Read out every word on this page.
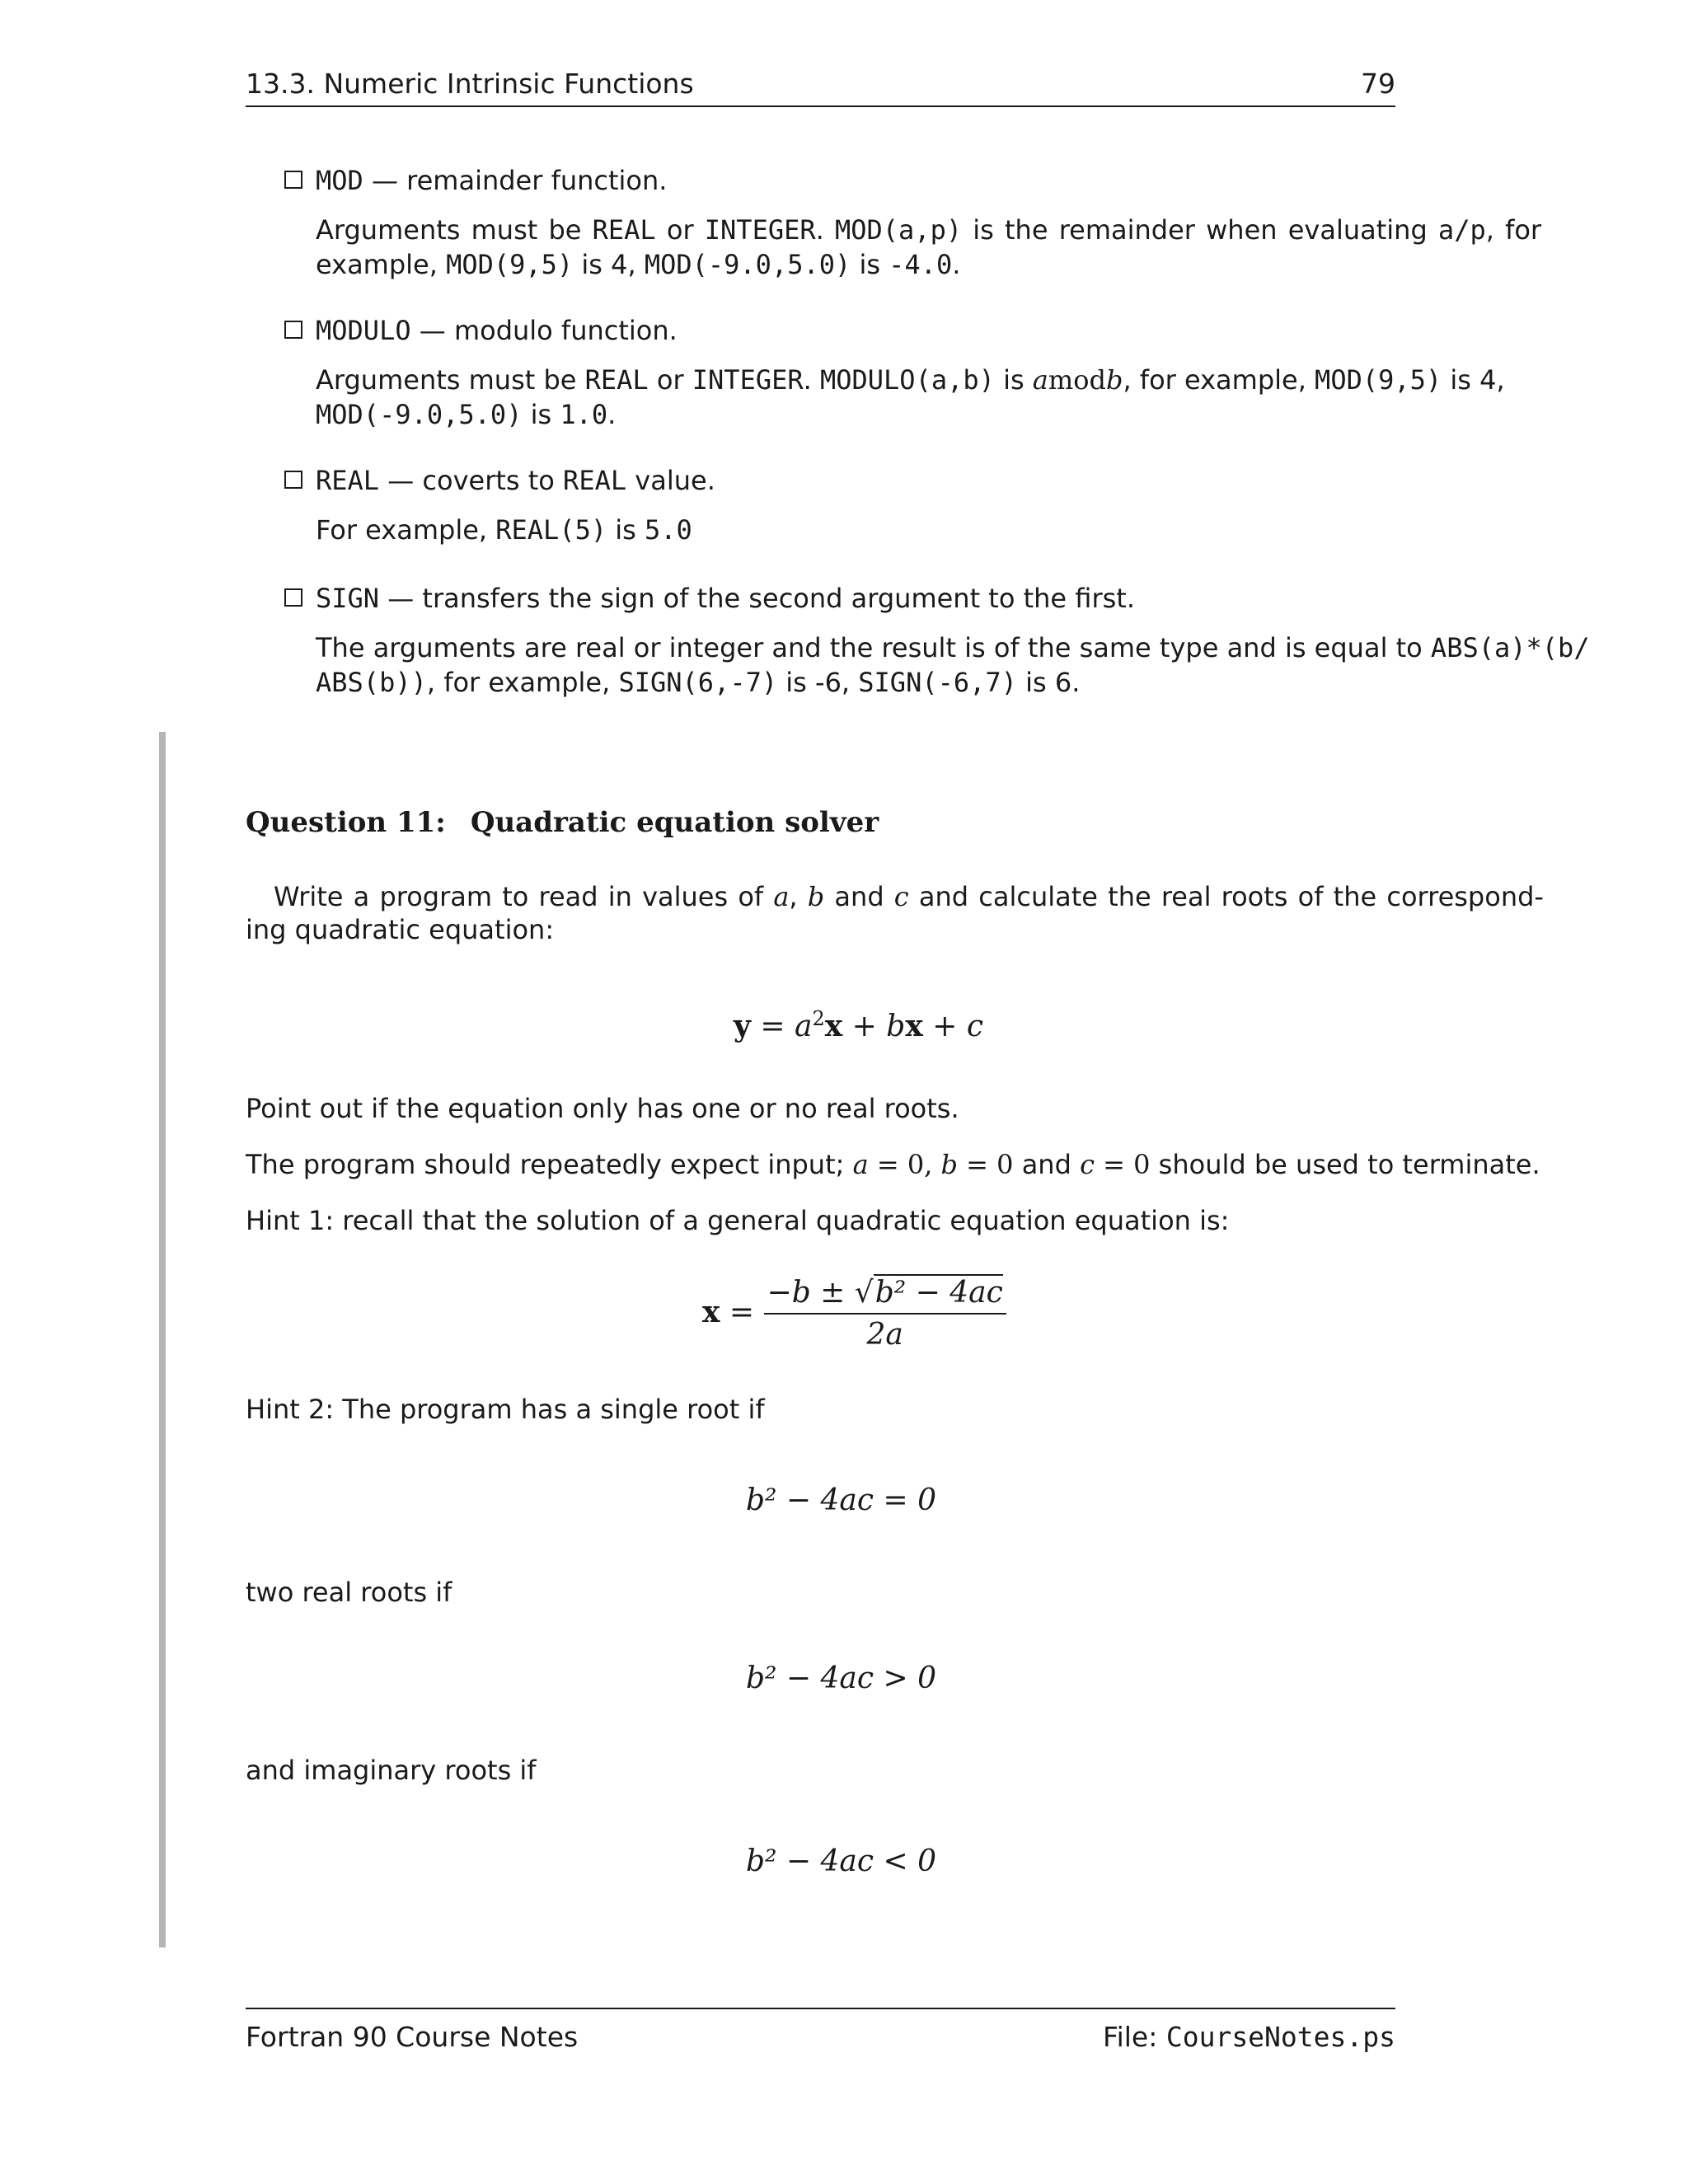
13.3. Numeric Intrinsic Functions	79
MOD — remainder function.
Arguments must be REAL or INTEGER. MOD(a,p) is the remainder when evaluating a/p, for
example, MOD(9,5) is 4, MOD(-9.0,5.0) is -4.0.
MODULO — modulo function.
Arguments must be REAL or INTEGER. MODULO(a,b) is amodb, for example, MOD(9,5) is 4,
MOD(-9.0,5.0) is 1.0.
REAL — coverts to REAL value.
For example, REAL(5) is 5.0
SIGN — transfers the sign of the second argument to the first.
The arguments are real or integer and the result is of the same type and is equal to ABS(a)*(b/
ABS(b)), for example, SIGN(6,-7) is -6, SIGN(-6,7) is 6.
Question 11: Quadratic equation solver
Write a program to read in values of a, b and c and calculate the real roots of the correspond-
ing quadratic equation:
$y = a^2x$ + bx + c
Point out if the equation only has one or no real roots.
The program should repeatedly expect input; a = 0, b = 0 and c = 0 should be used to terminate.
Hint 1: recall that the solution of a general quadratic equation equation is:
$x = \frac{\text{−b ± √b² − 4ac}}{2a}$
Hint 2: The program has a single root if
b² − 4ac = 0
two real roots if
b² − 4ac > 0
and imaginary roots if
b² − 4ac < 0
Fortran 90 Course Notes	File: CourseNotes.ps
